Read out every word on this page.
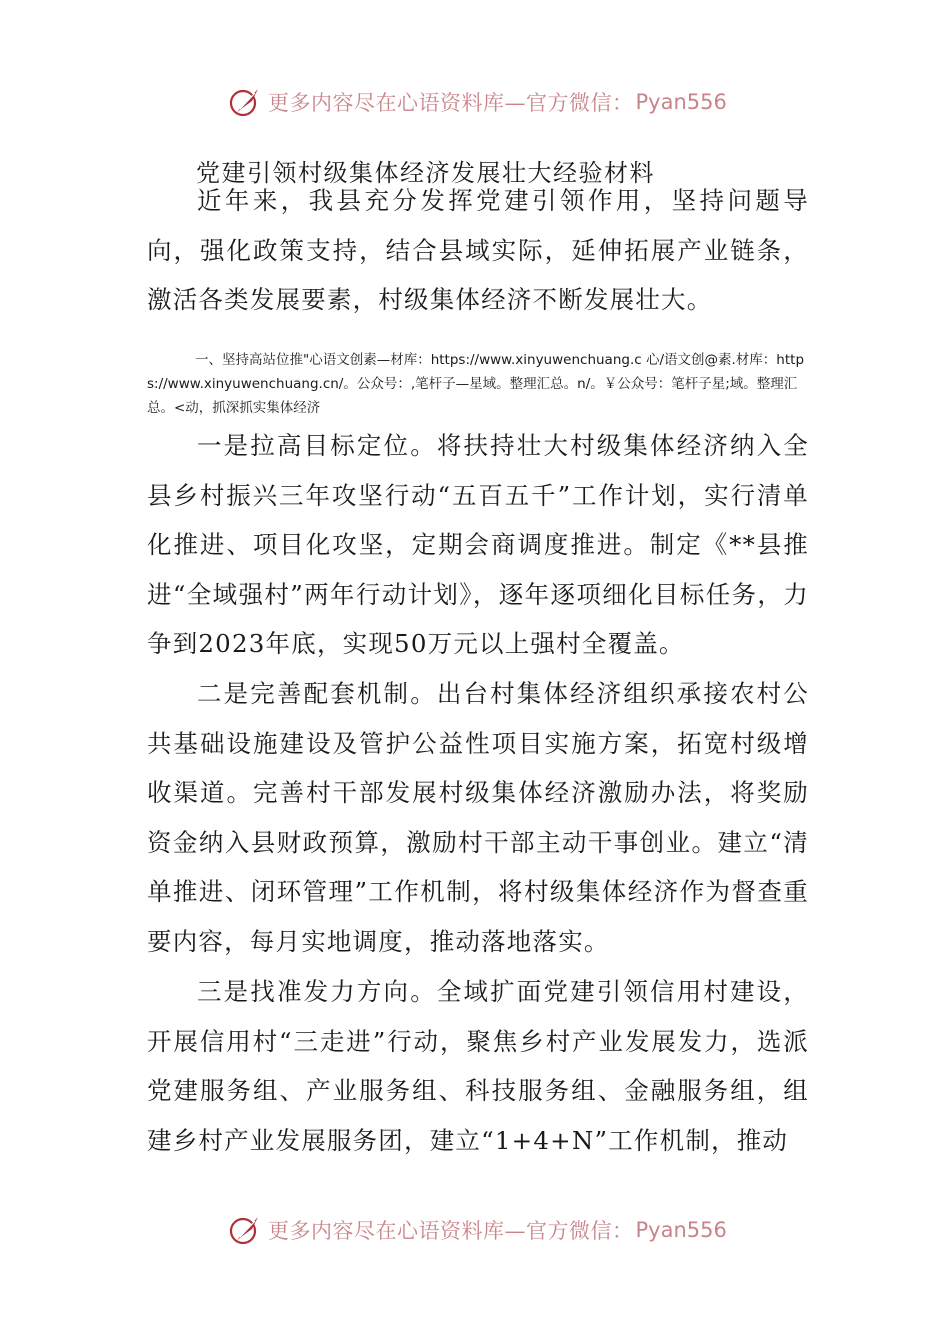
更多内容尽在心语资料库—官方微信： Pyan556
党建引领村级集体经济发展壮大经验材料

近年来，我县充分发挥党建引领作用，坚持问题导向，强化政策支持，结合县域实际，延伸拓展产业链条，激活各类发展要素，村级集体经济不断发展壮大。

一、坚持高站位推"心语文创素—材库：https://www.xinyuwenchuang.c 心/语文创@素.材库：https://www.xinyuwenchuang.cn/。公众号：,笔杆子—星域。整理汇总。n/。￥公众号：笔杆子星;域。整理汇总。<动，抓深抓实集体经济

一是拉高目标定位。将扶持壮大村级集体经济纳入全县乡村振兴三年攻坚行动“五百五千”工作计划，实行清单化推进、项目化攻坚，定期会商调度推进。制定《**县推进“全域强村”两年行动计划》，逐年逐项细化目标任务，力争到2023年底，实现50万元以上强村全覆盖。

二是完善配套机制。出台村集体经济组织承接农村公共基础设施建设及管护公益性项目实施方案，拓宽村级增收渠道。完善村干部发展村级集体经济激励办法，将奖励资金纳入县财政预算，激励村干部主动干事创业。建立“清单推进、闭环管理”工作机制，将村级集体经济作为督查重要内容，每月实地调度，推动落地落实。

三是找准发力方向。全域扩面党建引领信用村建设，开展信用村“三走进”行动，聚焦乡村产业发展发力，选派党建服务组、产业服务组、科技服务组、金融服务组，组建乡村产业发展服务团，建立“1+4+N”工作机制，推动

更多内容尽在心语资料库—官方微信： Pyan556
